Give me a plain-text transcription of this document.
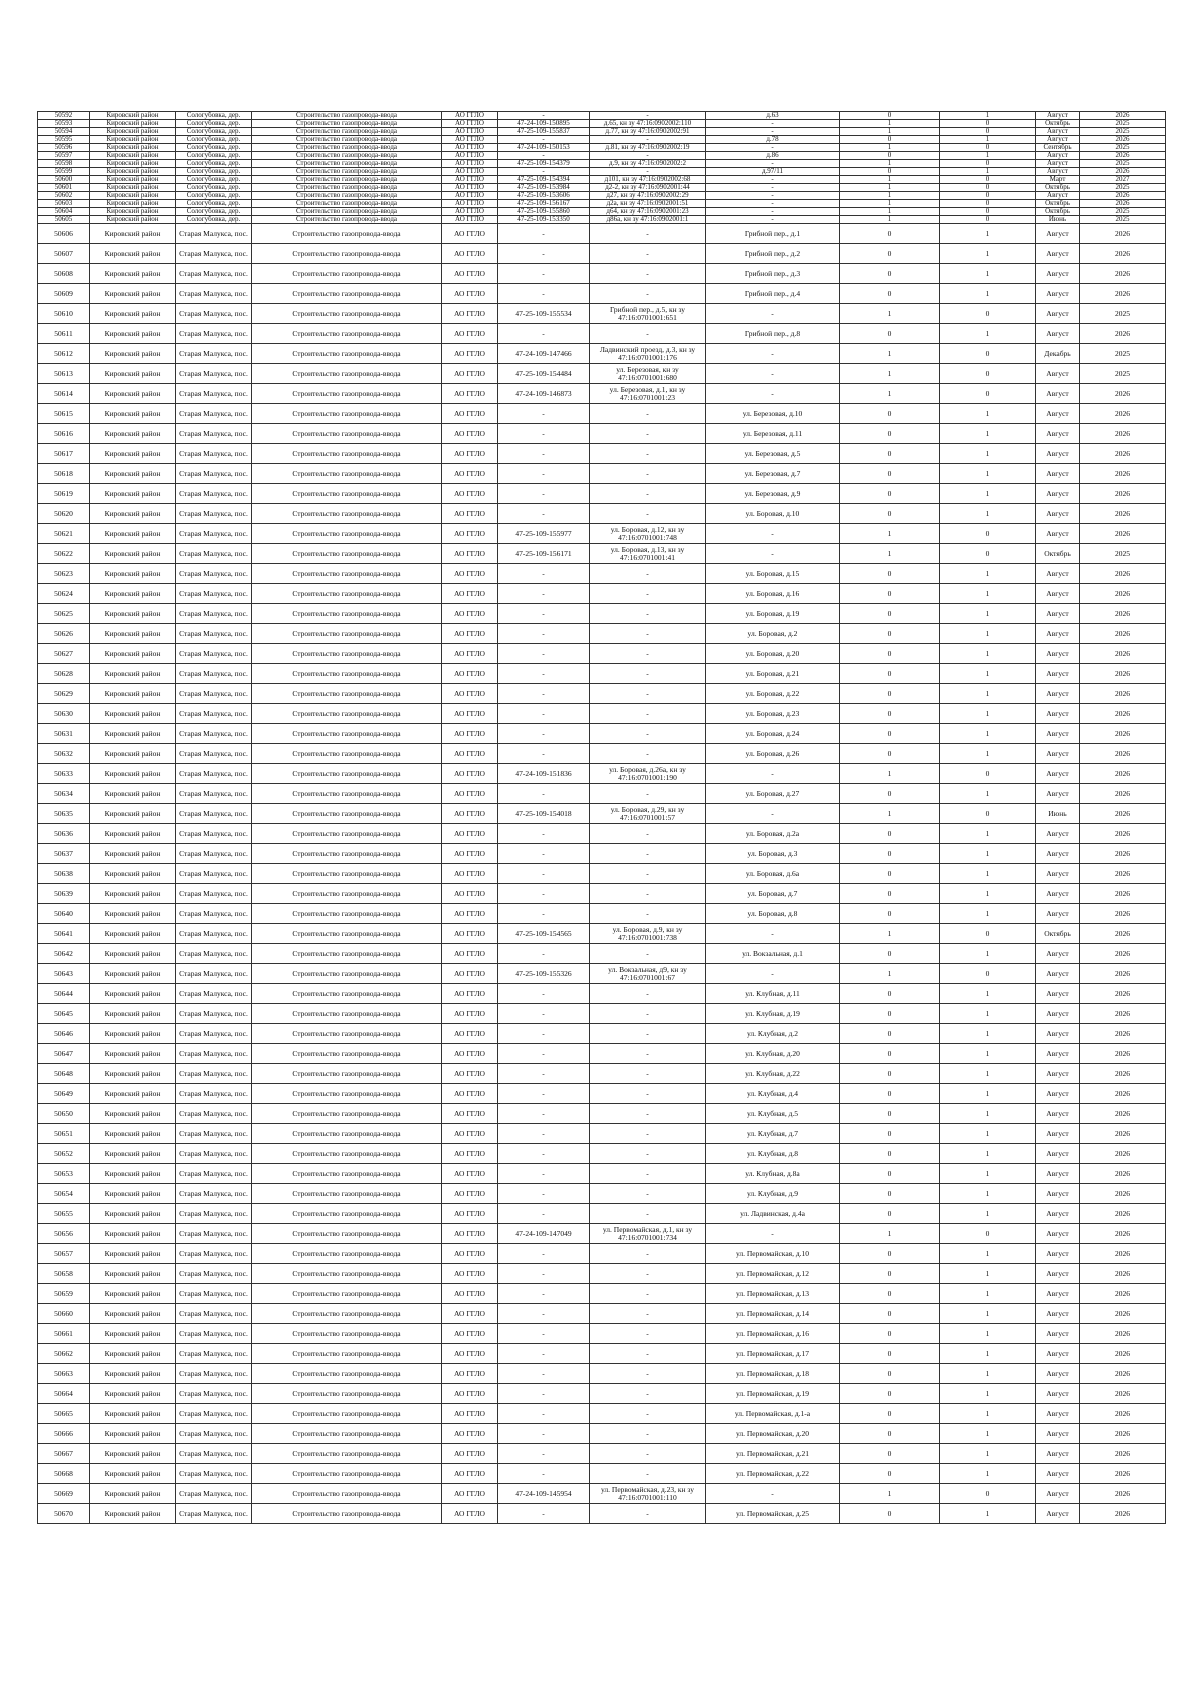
50592	Кировский район	Сологубовка, дер.	Строительство газопровода-ввода	АО ГГЛО	-	-	д.63	0	1	Август	2026
50593	Кировский район	Сологубовка, дер.	Строительство газопровода-ввода	АО ГГЛО	47-24-109-150895	д.65, кн зу 47:16:0902002:110	-	1	0	Октябрь	2025
50594	Кировский район	Сологубовка, дер.	Строительство газопровода-ввода	АО ГГЛО	47-25-109-155837	д.77, кн зу 47:16:0902002:91	-	1	0	Август	2025
50595	Кировский район	Сологубовка, дер.	Строительство газопровода-ввода	АО ГГЛО	-	-	д.78	0	1	Август	2026
50596	Кировский район	Сологубовка, дер.	Строительство газопровода-ввода	АО ГГЛО	47-24-109-150153	д.81, кн зу 47:16:0902002:19	-	1	0	Сентябрь	2025
50597	Кировский район	Сологубовка, дер.	Строительство газопровода-ввода	АО ГГЛО	-	-	д.86	0	1	Август	2026
50598	Кировский район	Сологубовка, дер.	Строительство газопровода-ввода	АО ГГЛО	47-25-109-154379	д.9, кн зу 47:16:0902002:2	-	1	0	Август	2025
50599	Кировский район	Сологубовка, дер.	Строительство газопровода-ввода	АО ГГЛО	-	-	д.97/11	0	1	Август	2026
50600	Кировский район	Сологубовка, дер.	Строительство газопровода-ввода	АО ГГЛО	47-25-109-154394	д101, кн зу 47:16:0902002:68	-	1	0	Март	2027
50601	Кировский район	Сологубовка, дер.	Строительство газопровода-ввода	АО ГГЛО	47-25-109-153984	д2-2, кн зу 47:16:0902001:44	-	1	0	Октябрь	2025
50602	Кировский район	Сологубовка, дер.	Строительство газопровода-ввода	АО ГГЛО	47-25-109-153606	д27, кн зу 47:16:0902002:29	-	1	0	Август	2026
50603	Кировский район	Сологубовка, дер.	Строительство газопровода-ввода	АО ГГЛО	47-25-109-156167	д2а, кн зу 47:16:0902001:51	-	1	0	Октябрь	2026
50604	Кировский район	Сологубовка, дер.	Строительство газопровода-ввода	АО ГГЛО	47-25-109-155860	д64, кн зу 47:16:0902001:23	-	1	0	Октябрь	2025
50605	Кировский район	Сологубовка, дер.	Строительство газопровода-ввода	АО ГГЛО	47-25-109-153350	д86а, кн зу 47:16:0902001:1	-	1	0	Июнь	2025
50606	Кировский район	Старая Малукса, пос.	Строительство газопровода-ввода	АО ГГЛО	-	-	Грибной пер., д.1	0	1	Август	2026
50607	Кировский район	Старая Малукса, пос.	Строительство газопровода-ввода	АО ГГЛО	-	-	Грибной пер., д.2	0	1	Август	2026
50608	Кировский район	Старая Малукса, пос.	Строительство газопровода-ввода	АО ГГЛО	-	-	Грибной пер., д.3	0	1	Август	2026
50609	Кировский район	Старая Малукса, пос.	Строительство газопровода-ввода	АО ГГЛО	-	-	Грибной пер., д.4	0	1	Август	2026
50610	Кировский район	Старая Малукса, пос.	Строительство газопровода-ввода	АО ГГЛО	47-25-109-155534	Грибной пер., д.5, кн зу 47:16:0701001:651	-	1	0	Август	2025
50611	Кировский район	Старая Малукса, пос.	Строительство газопровода-ввода	АО ГГЛО	-	-	Грибной пер., д.8	0	1	Август	2026
50612	Кировский район	Старая Малукса, пос.	Строительство газопровода-ввода	АО ГГЛО	47-24-109-147466	Ладвинский проезд, д.3, кн зу 47:16:0701001:176	-	1	0	Декабрь	2025
50613	Кировский район	Старая Малукса, пос.	Строительство газопровода-ввода	АО ГГЛО	47-25-109-154484	ул. Березовая, кн зу 47:16:0701001:680	-	1	0	Август	2025
50614	Кировский район	Старая Малукса, пос.	Строительство газопровода-ввода	АО ГГЛО	47-24-109-146873	ул. Березовая, д.1, кн зу 47:16:0701001:23	-	1	0	Август	2026
50615	Кировский район	Старая Малукса, пос.	Строительство газопровода-ввода	АО ГГЛО	-	-	ул. Березовая, д.10	0	1	Август	2026
50616	Кировский район	Старая Малукса, пос.	Строительство газопровода-ввода	АО ГГЛО	-	-	ул. Березовая, д.11	0	1	Август	2026
50617	Кировский район	Старая Малукса, пос.	Строительство газопровода-ввода	АО ГГЛО	-	-	ул. Березовая, д.5	0	1	Август	2026
50618	Кировский район	Старая Малукса, пос.	Строительство газопровода-ввода	АО ГГЛО	-	-	ул. Березовая, д.7	0	1	Август	2026
50619	Кировский район	Старая Малукса, пос.	Строительство газопровода-ввода	АО ГГЛО	-	-	ул. Березовая, д.9	0	1	Август	2026
50620	Кировский район	Старая Малукса, пос.	Строительство газопровода-ввода	АО ГГЛО	-	-	ул. Боровая, д.10	0	1	Август	2026
50621	Кировский район	Старая Малукса, пос.	Строительство газопровода-ввода	АО ГГЛО	47-25-109-155977	ул. Боровая, д.12, кн зу 47:16:0701001:748	-	1	0	Август	2026
50622	Кировский район	Старая Малукса, пос.	Строительство газопровода-ввода	АО ГГЛО	47-25-109-156171	ул. Боровая, д.13, кн зу 47:16:0701001:41	-	1	0	Октябрь	2025
50623	Кировский район	Старая Малукса, пос.	Строительство газопровода-ввода	АО ГГЛО	-	-	ул. Боровая, д.15	0	1	Август	2026
50624	Кировский район	Старая Малукса, пос.	Строительство газопровода-ввода	АО ГГЛО	-	-	ул. Боровая, д.16	0	1	Август	2026
50625	Кировский район	Старая Малукса, пос.	Строительство газопровода-ввода	АО ГГЛО	-	-	ул. Боровая, д.19	0	1	Август	2026
50626	Кировский район	Старая Малукса, пос.	Строительство газопровода-ввода	АО ГГЛО	-	-	ул. Боровая, д.2	0	1	Август	2026
50627	Кировский район	Старая Малукса, пос.	Строительство газопровода-ввода	АО ГГЛО	-	-	ул. Боровая, д.20	0	1	Август	2026
50628	Кировский район	Старая Малукса, пос.	Строительство газопровода-ввода	АО ГГЛО	-	-	ул. Боровая, д.21	0	1	Август	2026
50629	Кировский район	Старая Малукса, пос.	Строительство газопровода-ввода	АО ГГЛО	-	-	ул. Боровая, д.22	0	1	Август	2026
50630	Кировский район	Старая Малукса, пос.	Строительство газопровода-ввода	АО ГГЛО	-	-	ул. Боровая, д.23	0	1	Август	2026
50631	Кировский район	Старая Малукса, пос.	Строительство газопровода-ввода	АО ГГЛО	-	-	ул. Боровая, д.24	0	1	Август	2026
50632	Кировский район	Старая Малукса, пос.	Строительство газопровода-ввода	АО ГГЛО	-	-	ул. Боровая, д.26	0	1	Август	2026
50633	Кировский район	Старая Малукса, пос.	Строительство газопровода-ввода	АО ГГЛО	47-24-109-151836	ул. Боровая, д.26а, кн зу 47:16:0701001:190	-	1	0	Август	2026
50634	Кировский район	Старая Малукса, пос.	Строительство газопровода-ввода	АО ГГЛО	-	-	ул. Боровая, д.27	0	1	Август	2026
50635	Кировский район	Старая Малукса, пос.	Строительство газопровода-ввода	АО ГГЛО	47-25-109-154018	ул. Боровая, д.29, кн зу 47:16:0701001:57	-	1	0	Июнь	2026
50636	Кировский район	Старая Малукса, пос.	Строительство газопровода-ввода	АО ГГЛО	-	-	ул. Боровая, д.2а	0	1	Август	2026
50637	Кировский район	Старая Малукса, пос.	Строительство газопровода-ввода	АО ГГЛО	-	-	ул. Боровая, д.3	0	1	Август	2026
50638	Кировский район	Старая Малукса, пос.	Строительство газопровода-ввода	АО ГГЛО	-	-	ул. Боровая, д.6а	0	1	Август	2026
50639	Кировский район	Старая Малукса, пос.	Строительство газопровода-ввода	АО ГГЛО	-	-	ул. Боровая, д.7	0	1	Август	2026
50640	Кировский район	Старая Малукса, пос.	Строительство газопровода-ввода	АО ГГЛО	-	-	ул. Боровая, д.8	0	1	Август	2026
50641	Кировский район	Старая Малукса, пос.	Строительство газопровода-ввода	АО ГГЛО	47-25-109-154565	ул. Боровая, д.9, кн зу 47:16:0701001:738	-	1	0	Октябрь	2026
50642	Кировский район	Старая Малукса, пос.	Строительство газопровода-ввода	АО ГГЛО	-	-	ул. Вокзальная, д.1	0	1	Август	2026
50643	Кировский район	Старая Малукса, пос.	Строительство газопровода-ввода	АО ГГЛО	47-25-109-155326	ул. Вокзальная, д9, кн зу 47:16:0701001:67	-	1	0	Август	2026
50644	Кировский район	Старая Малукса, пос.	Строительство газопровода-ввода	АО ГГЛО	-	-	ул. Клубная, д.11	0	1	Август	2026
50645	Кировский район	Старая Малукса, пос.	Строительство газопровода-ввода	АО ГГЛО	-	-	ул. Клубная, д.19	0	1	Август	2026
50646	Кировский район	Старая Малукса, пос.	Строительство газопровода-ввода	АО ГГЛО	-	-	ул. Клубная, д.2	0	1	Август	2026
50647	Кировский район	Старая Малукса, пос.	Строительство газопровода-ввода	АО ГГЛО	-	-	ул. Клубная, д.20	0	1	Август	2026
50648	Кировский район	Старая Малукса, пос.	Строительство газопровода-ввода	АО ГГЛО	-	-	ул. Клубная, д.22	0	1	Август	2026
50649	Кировский район	Старая Малукса, пос.	Строительство газопровода-ввода	АО ГГЛО	-	-	ул. Клубная, д.4	0	1	Август	2026
50650	Кировский район	Старая Малукса, пос.	Строительство газопровода-ввода	АО ГГЛО	-	-	ул. Клубная, д.5	0	1	Август	2026
50651	Кировский район	Старая Малукса, пос.	Строительство газопровода-ввода	АО ГГЛО	-	-	ул. Клубная, д.7	0	1	Август	2026
50652	Кировский район	Старая Малукса, пос.	Строительство газопровода-ввода	АО ГГЛО	-	-	ул. Клубная, д.8	0	1	Август	2026
50653	Кировский район	Старая Малукса, пос.	Строительство газопровода-ввода	АО ГГЛО	-	-	ул. Клубная, д.8а	0	1	Август	2026
50654	Кировский район	Старая Малукса, пос.	Строительство газопровода-ввода	АО ГГЛО	-	-	ул. Клубная, д.9	0	1	Август	2026
50655	Кировский район	Старая Малукса, пос.	Строительство газопровода-ввода	АО ГГЛО	-	-	ул. Ладвинская, д.4а	0	1	Август	2026
50656	Кировский район	Старая Малукса, пос.	Строительство газопровода-ввода	АО ГГЛО	47-24-109-147049	ул. Первомайская, д.1, кн зу 47:16:0701001:734	-	1	0	Август	2026
50657	Кировский район	Старая Малукса, пос.	Строительство газопровода-ввода	АО ГГЛО	-	-	ул. Первомайская, д.10	0	1	Август	2026
50658	Кировский район	Старая Малукса, пос.	Строительство газопровода-ввода	АО ГГЛО	-	-	ул. Первомайская, д.12	0	1	Август	2026
50659	Кировский район	Старая Малукса, пос.	Строительство газопровода-ввода	АО ГГЛО	-	-	ул. Первомайская, д.13	0	1	Август	2026
50660	Кировский район	Старая Малукса, пос.	Строительство газопровода-ввода	АО ГГЛО	-	-	ул. Первомайская, д.14	0	1	Август	2026
50661	Кировский район	Старая Малукса, пос.	Строительство газопровода-ввода	АО ГГЛО	-	-	ул. Первомайская, д.16	0	1	Август	2026
50662	Кировский район	Старая Малукса, пос.	Строительство газопровода-ввода	АО ГГЛО	-	-	ул. Первомайская, д.17	0	1	Август	2026
50663	Кировский район	Старая Малукса, пос.	Строительство газопровода-ввода	АО ГГЛО	-	-	ул. Первомайская, д.18	0	1	Август	2026
50664	Кировский район	Старая Малукса, пос.	Строительство газопровода-ввода	АО ГГЛО	-	-	ул. Первомайская, д.19	0	1	Август	2026
50665	Кировский район	Старая Малукса, пос.	Строительство газопровода-ввода	АО ГГЛО	-	-	ул. Первомайская, д.1-а	0	1	Август	2026
50666	Кировский район	Старая Малукса, пос.	Строительство газопровода-ввода	АО ГГЛО	-	-	ул. Первомайская, д.20	0	1	Август	2026
50667	Кировский район	Старая Малукса, пос.	Строительство газопровода-ввода	АО ГГЛО	-	-	ул. Первомайская, д.21	0	1	Август	2026
50668	Кировский район	Старая Малукса, пос.	Строительство газопровода-ввода	АО ГГЛО	-	-	ул. Первомайская, д.22	0	1	Август	2026
50669	Кировский район	Старая Малукса, пос.	Строительство газопровода-ввода	АО ГГЛО	47-24-109-145954	ул. Первомайская, д.23, кн зу 47:16:0701001:110	-	1	0	Август	2026
50670	Кировский район	Старая Малукса, пос.	Строительство газопровода-ввода	АО ГГЛО	-	-	ул. Первомайская, д.25	0	1	Август	2026
